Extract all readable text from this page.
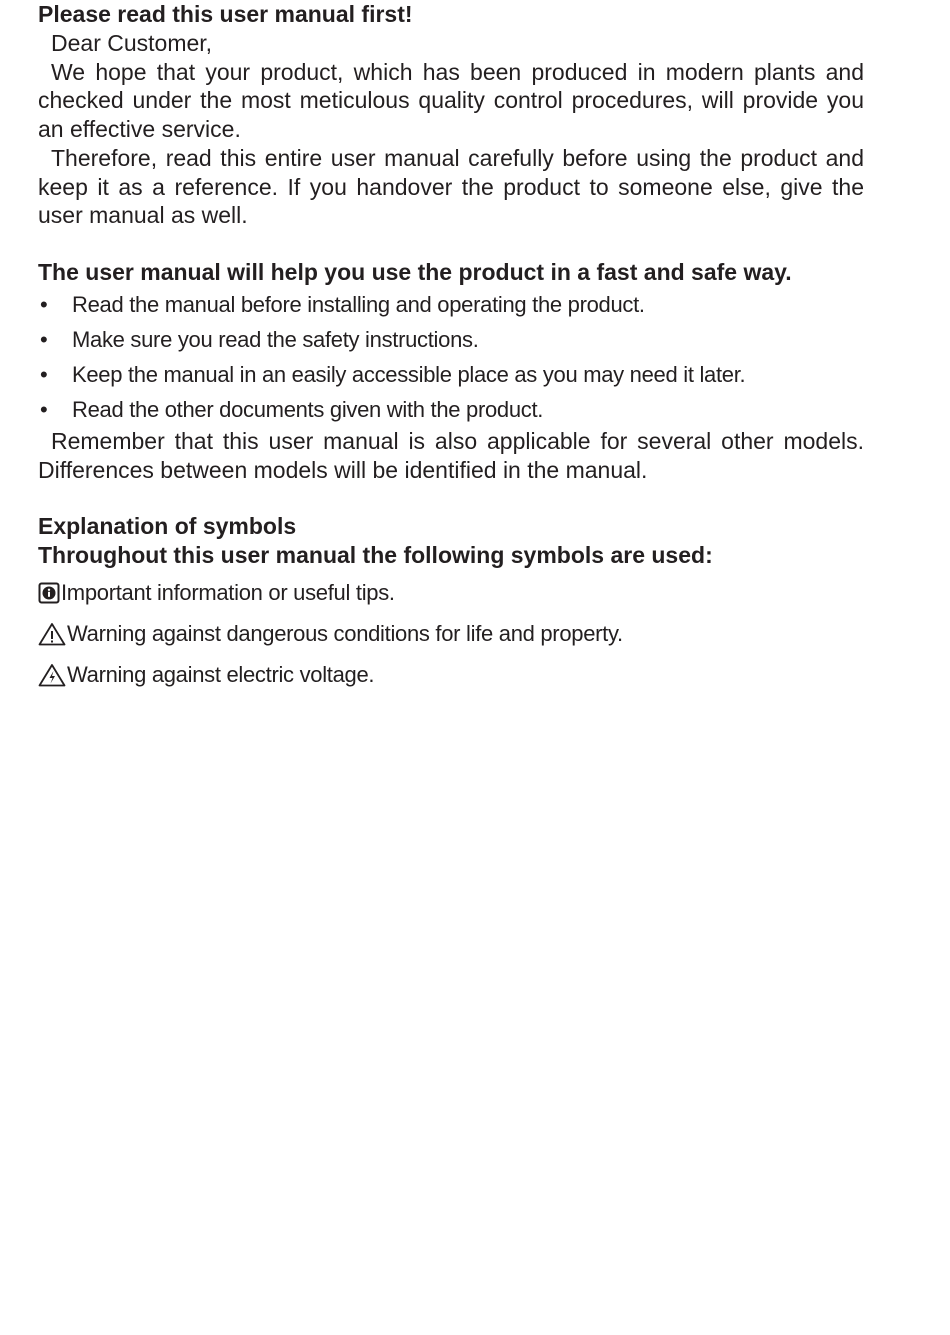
Please read this user manual first!

Dear Customer,

We hope that your product, which has been produced in modern plants and checked under the most meticulous quality control procedures, will provide you an effective service.

Therefore, read this entire user manual carefully before using the product and keep it as a reference. If you handover the product to someone else, give the user manual as well.

The user manual will help you use the product in a fast and safe way.
• Read the manual before installing and operating the product.
• Make sure you read the safety instructions.
• Keep the manual in an easily accessible place as you may need it later.
• Read the other documents given with the product.

Remember that this user manual is also applicable for several other models. Differences between models will be identified in the manual.

Explanation of symbols
Throughout this user manual the following symbols are used:
Important information or useful tips.
Warning against dangerous conditions for life and property.
Warning against electric voltage.
